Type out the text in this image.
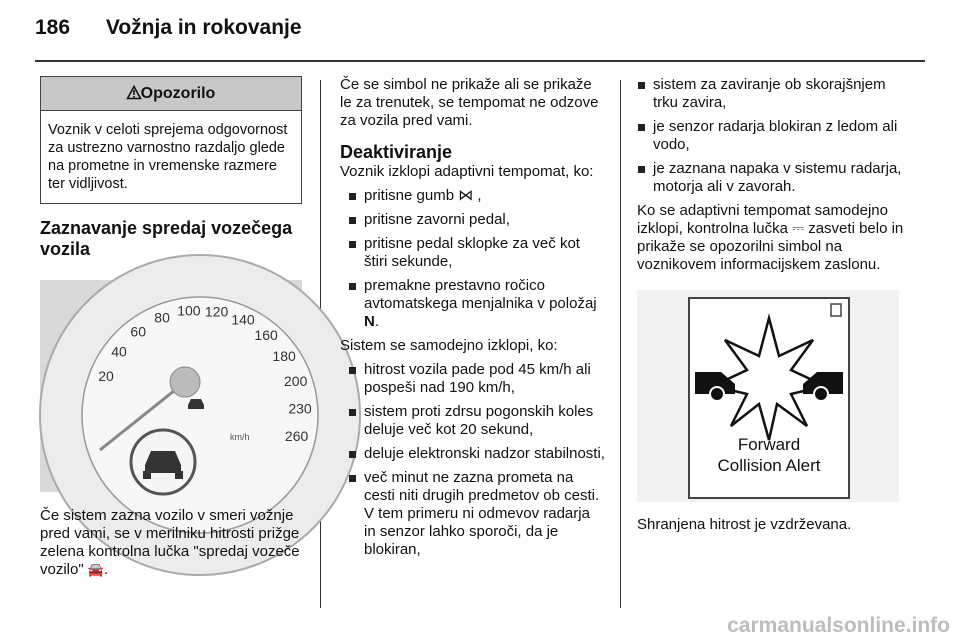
186 Vožnja in rokovanje
Opozorilo
Voznik v celoti sprejema odgovornost za ustrezno varnostno razdaljo glede na prometne in vremenske razmere ter vidljivost.
Zaznavanje spredaj vozečega vozila
20
40
60
80 100 120
140
160
180
200
230
260
km/h

Če sistem zazna vozilo v smeri vožnje pred vami, se v merilniku hitrosti prižge zelena kontrolna lučka "spredaj vozeče vozilo" 🚘.

Če se simbol ne prikaže ali se prikaže le za trenutek, se tempomat ne odzove za vozila pred vami.

Deaktiviranje

Voznik izklopi adaptivni tempomat, ko:

pritisne gumb ⋈ ,
pritisne zavorni pedal,
pritisne pedal sklopke za več kot štiri sekunde,
premakne prestavno ročico avtomatskega menjalnika v položaj N.

Sistem se samodejno izklopi, ko:

hitrost vozila pade pod 45 km/h ali pospeši nad 190 km/h,
sistem proti zdrsu pogonskih koles deluje več kot 20 sekund,
deluje elektronski nadzor stabilnosti,
več minut ne zazna prometa na cesti niti drugih predmetov ob cesti. V tem primeru ni odmevov radarja in senzor lahko sporoči, da je blokiran,
sistem za zaviranje ob skorajšnjem trku zavira,
je senzor radarja blokiran z ledom ali vodo,
je zaznana napaka v sistemu radarja, motorja ali v zavorah.

Ko se adaptivni tempomat samodejno izklopi, kontrolna lučka ⎓ zasveti belo in prikaže se opozorilni simbol na voznikovem informacijskem zaslonu.

Forward
Collision Alert

Shranjena hitrost je vzdrževana.

carmanualsonline.info
